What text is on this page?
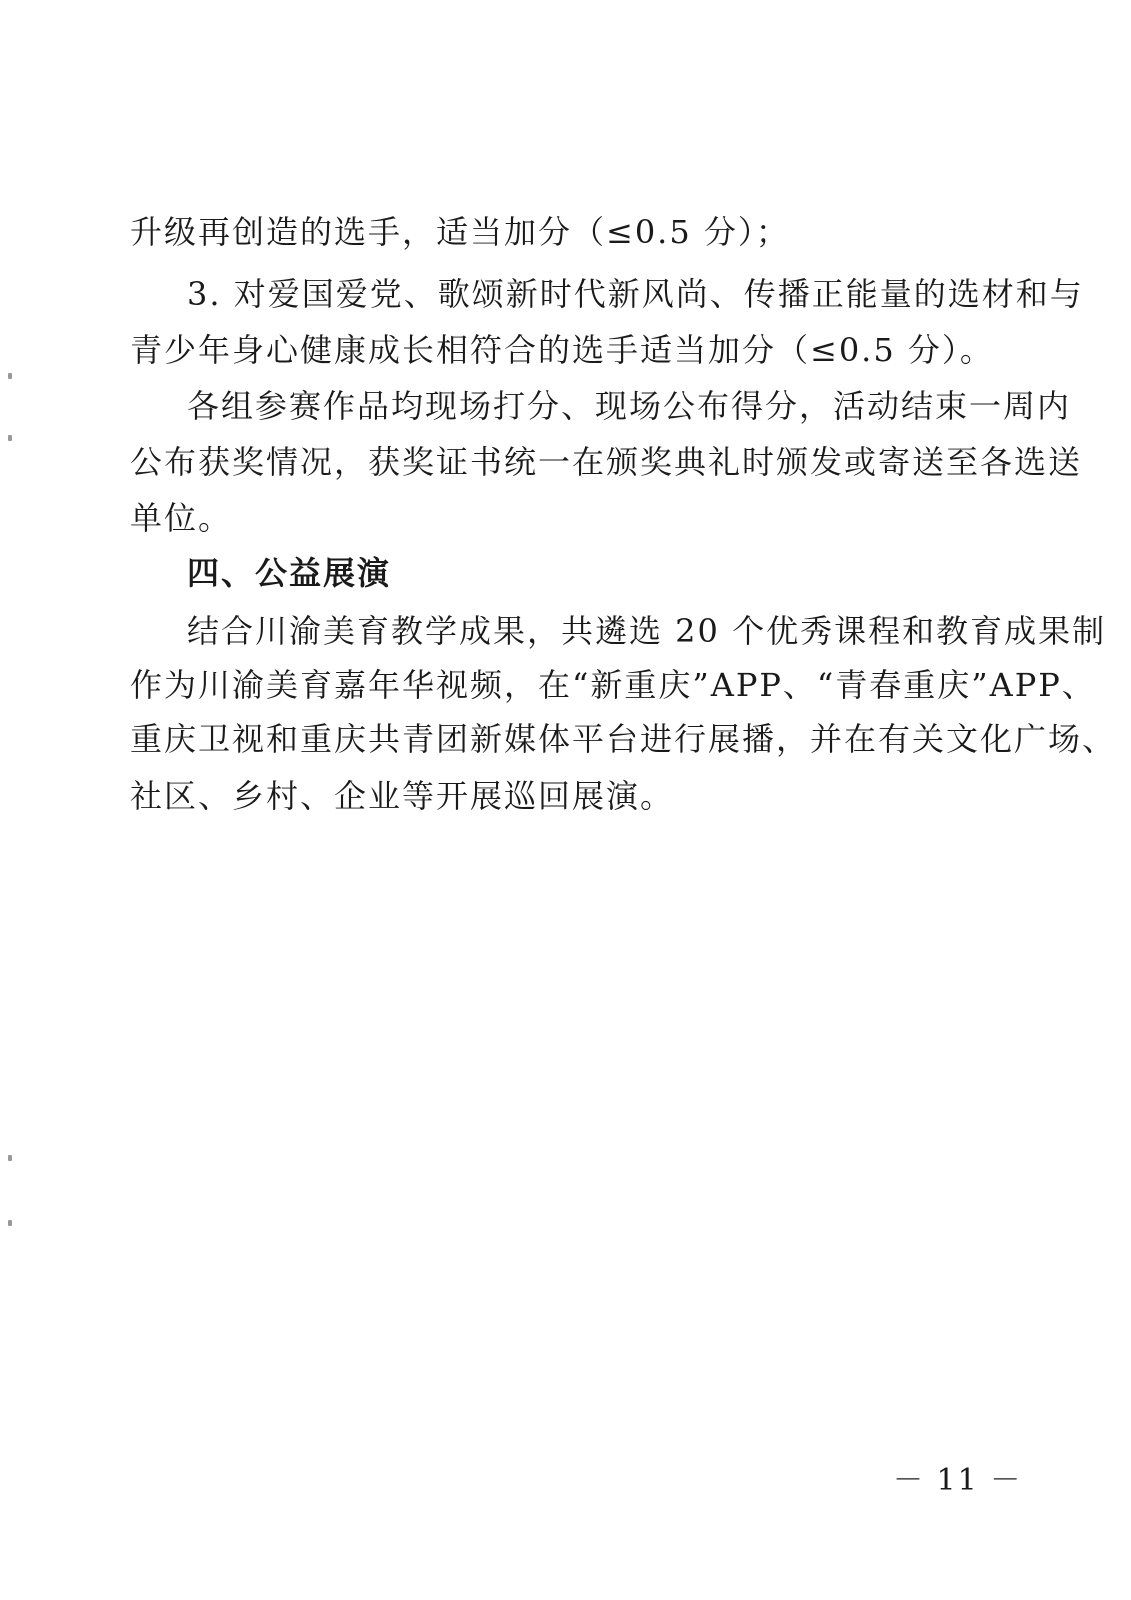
升级再创造的选手，适当加分（≤0.5 分）；
3. 对爱国爱党、歌颂新时代新风尚、传播正能量的选材和与
青少年身心健康成长相符合的选手适当加分（≤0.5 分）。
各组参赛作品均现场打分、现场公布得分，活动结束一周内
公布获奖情况，获奖证书统一在颁奖典礼时颁发或寄送至各选送
单位。
四、公益展演
结合川渝美育教学成果，共遴选 20 个优秀课程和教育成果制
作为川渝美育嘉年华视频，在“新重庆”APP、“青春重庆”APP、
重庆卫视和重庆共青团新媒体平台进行展播，并在有关文化广场、
社区、乡村、企业等开展巡回展演。
－ 11 －
